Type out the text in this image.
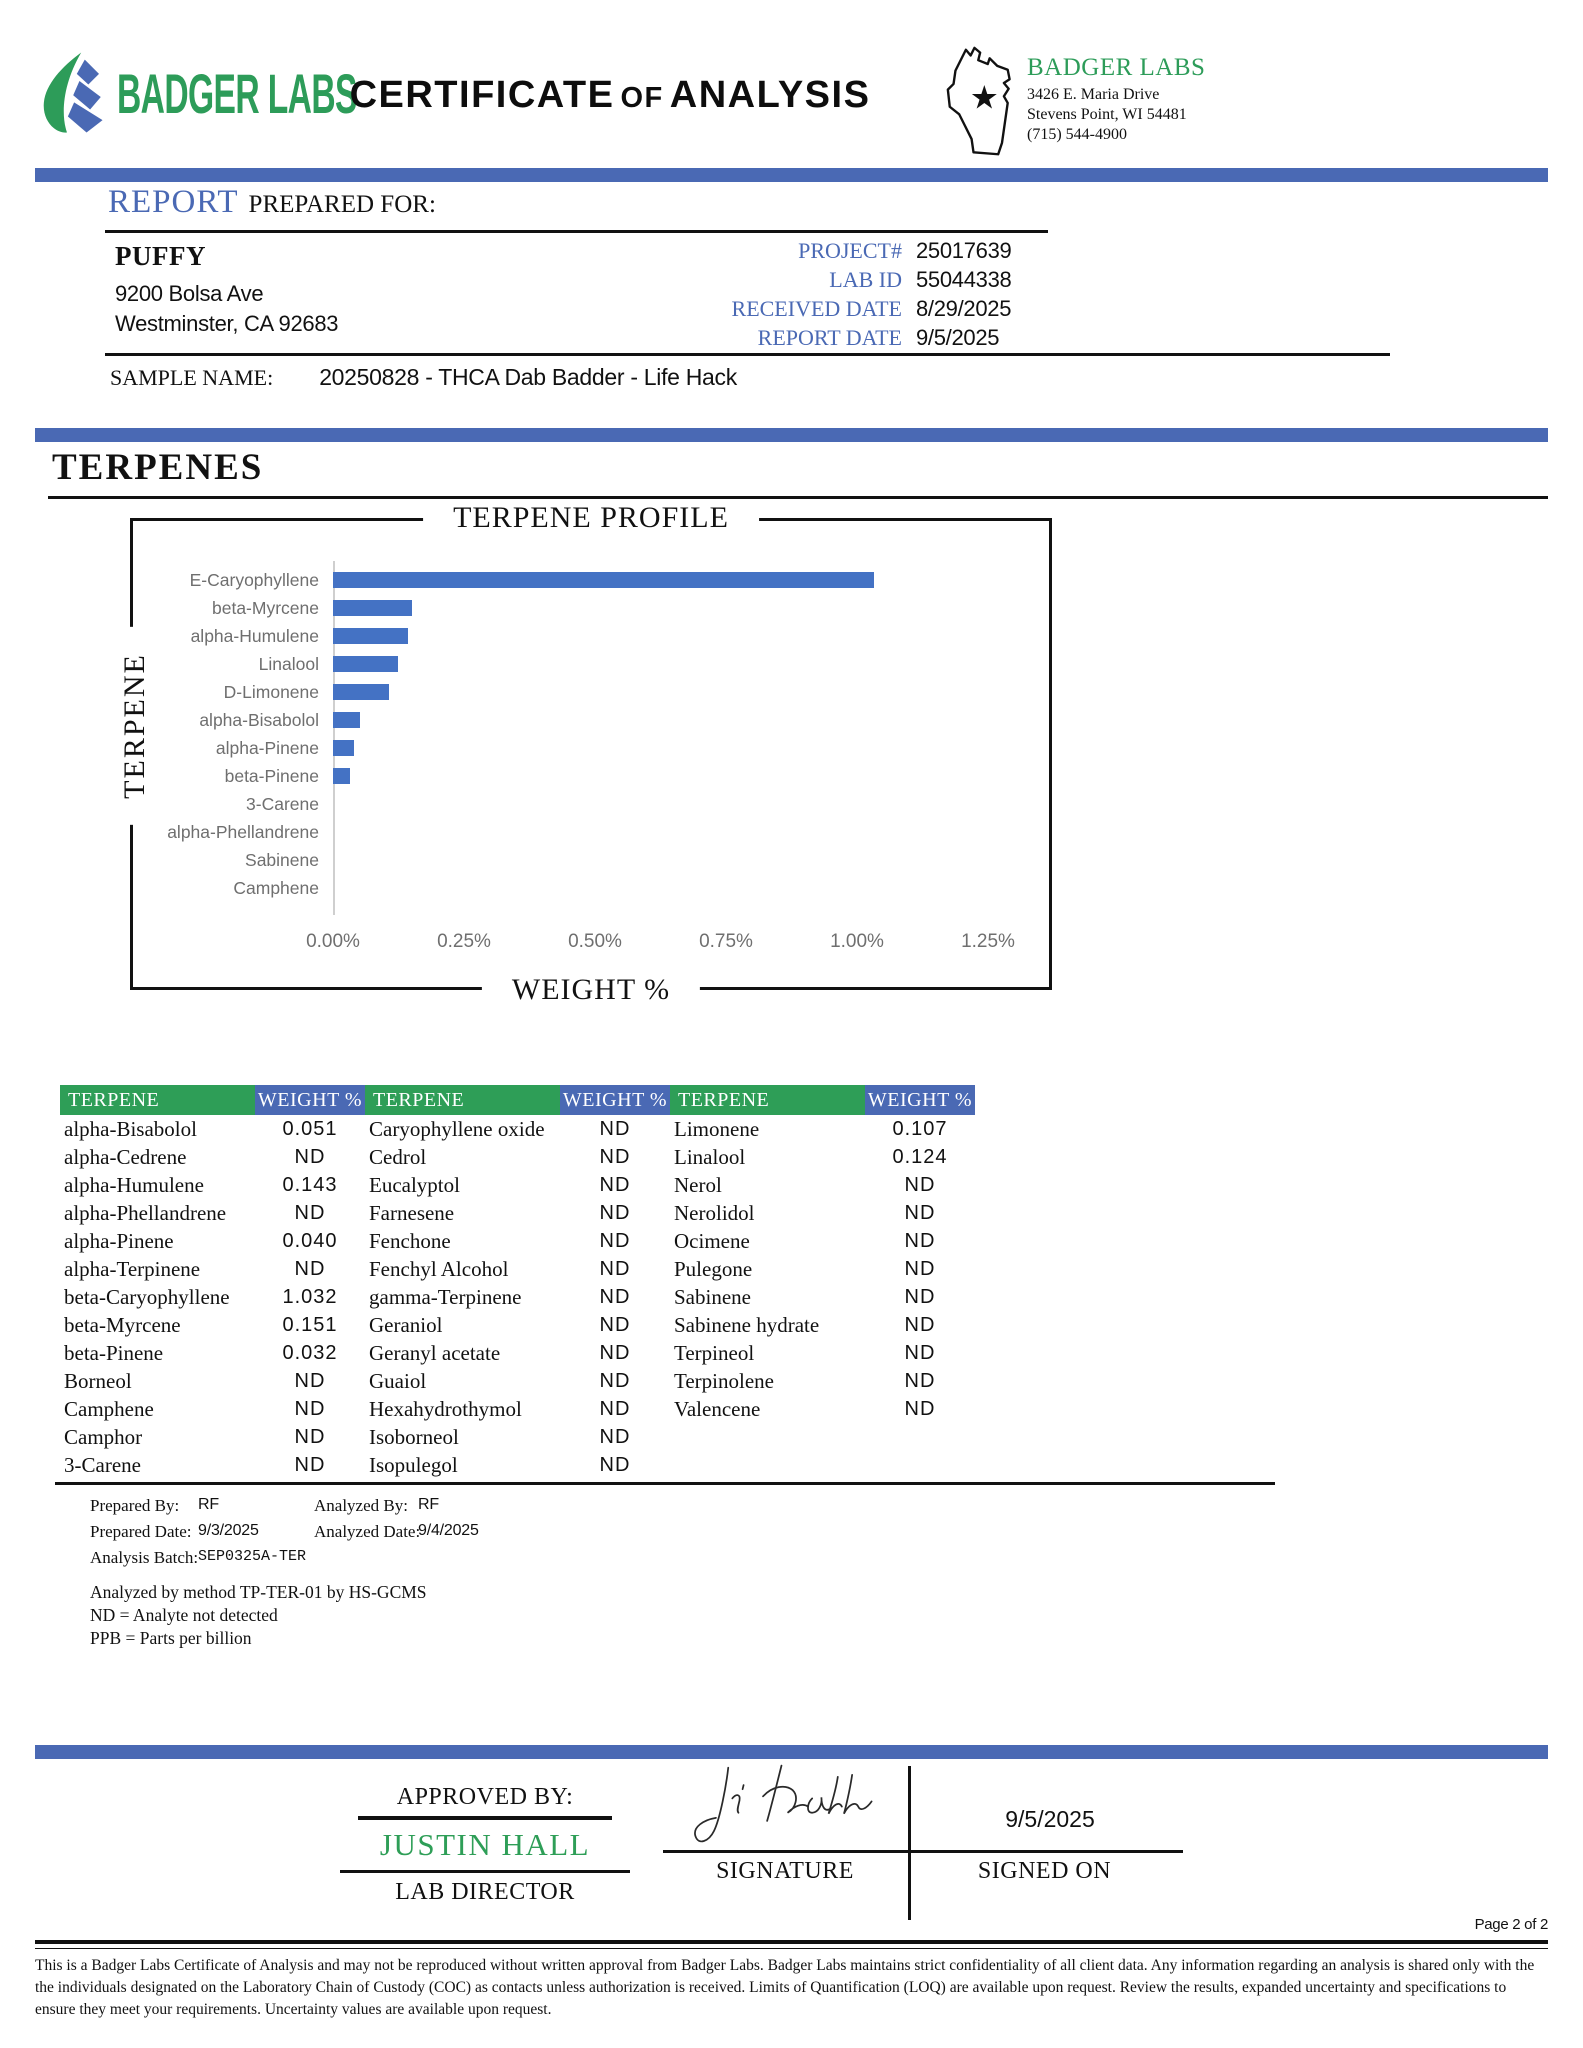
BADGER LABS
CERTIFICATE OF ANALYSIS	★
BADGER LABS
3426 E. Maria Drive
Stevens Point, WI 54481
(715) 544-4900
REPORT PREPARED FOR:
PUFFY
9200 Bolsa Ave
Westminster, CA 92683
PROJECT# 25017639
LAB ID 55044338
RECEIVED DATE 8/29/2025
REPORT DATE 9/5/2025
SAMPLE NAME: 20250828 - THCA Dab Badder - Life Hack
TERPENES
TERPENE PROFILE
TERPENE
E-Caryophyllene
beta-Myrcene
alpha-Humulene
Linalool
D-Limonene
alpha-Bisabolol
alpha-Pinene
beta-Pinene
3-Carene
alpha-Phellandrene
Sabinene
Camphene
0.00%	0.25%	0.50%	0.75%	1.00%	1.25%
WEIGHT %
TERPENE	WEIGHT %	TERPENE	WEIGHT %	TERPENE	WEIGHT %
alpha-Bisabolol	0.051	Caryophyllene oxide	ND	Limonene	0.107
alpha-Cedrene	ND	Cedrol	ND	Linalool	0.124
alpha-Humulene	0.143	Eucalyptol	ND	Nerol	ND
alpha-Phellandrene	ND	Farnesene	ND	Nerolidol	ND
alpha-Pinene	0.040	Fenchone	ND	Ocimene	ND
alpha-Terpinene	ND	Fenchyl Alcohol	ND	Pulegone	ND
beta-Caryophyllene	1.032	gamma-Terpinene	ND	Sabinene	ND
beta-Myrcene	0.151	Geraniol	ND	Sabinene hydrate	ND
beta-Pinene	0.032	Geranyl acetate	ND	Terpineol	ND
Borneol	ND	Guaiol	ND	Terpinolene	ND
Camphene	ND	Hexahydrothymol	ND	Valencene	ND
Camphor	ND	Isoborneol	ND		
3-Carene	ND	Isopulegol	ND		
Prepared By: RF	Analyzed By: RF
Prepared Date: 9/3/2025	Analyzed Date:
9/4/2025
Analysis Batch: SEP0325A-TER
Analyzed by method TP-TER-01 by HS-GCMS
ND = Analyte not detected
PPB = Parts per billion
APPROVED BY:
JUSTIN HALL
LAB DIRECTOR
9/5/2025
SIGNATURE	SIGNED ON
Page 2 of 2

This is a Badger Labs Certificate of Analysis and may not be reproduced without written approval from Badger Labs. Badger Labs maintains strict confidentiality of all client data. Any information regarding an analysis is shared only with the the individuals designated on the Laboratory Chain of Custody (COC) as contacts unless authorization is received. Limits of Quantification (LOQ) are available upon request. Review the results, expanded uncertainty and specifications to ensure they meet your requirements. Uncertainty values are available upon request.
